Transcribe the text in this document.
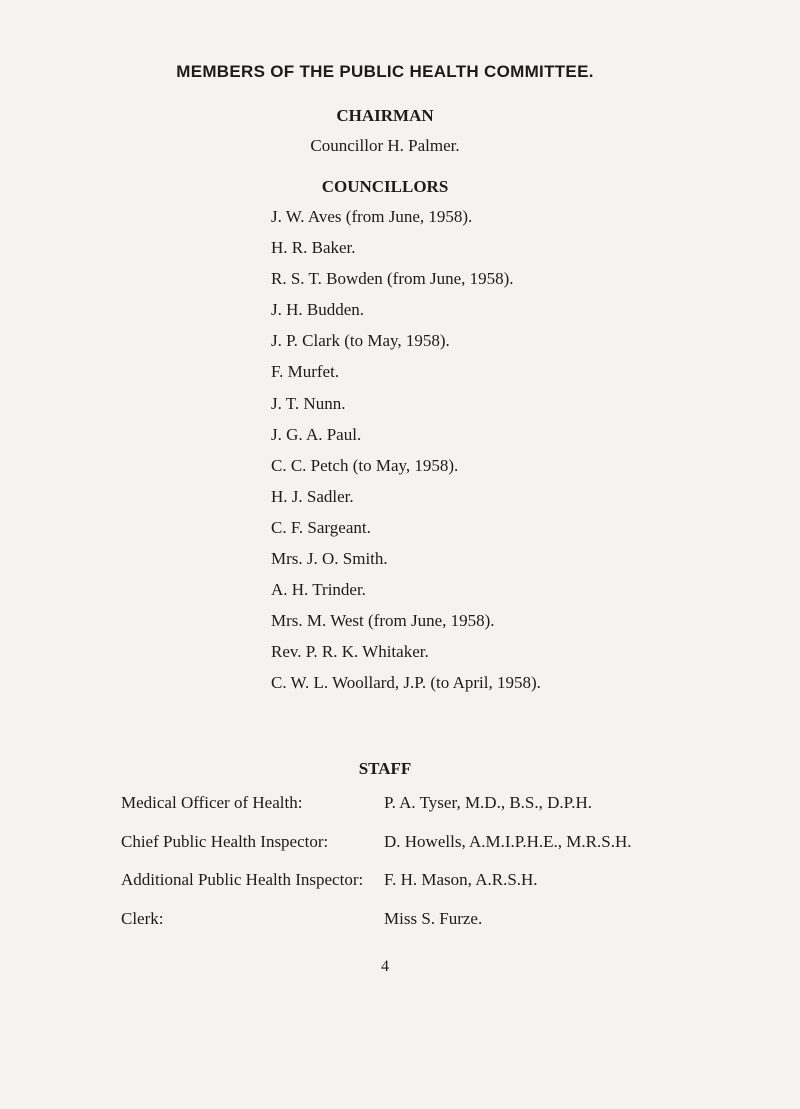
MEMBERS OF THE PUBLIC HEALTH COMMITTEE.
CHAIRMAN
Councillor H. Palmer.
COUNCILLORS
J. W. Aves (from June, 1958).
H. R. Baker.
R. S. T. Bowden (from June, 1958).
J. H. Budden.
J. P. Clark (to May, 1958).
F. Murfet.
J. T. Nunn.
J. G. A. Paul.
C. C. Petch (to May, 1958).
H. J. Sadler.
C. F. Sargeant.
Mrs. J. O. Smith.
A. H. Trinder.
Mrs. M. West (from June, 1958).
Rev. P. R. K. Whitaker.
C. W. L. Woollard, J.P. (to April, 1958).
STAFF
Medical Officer of Health:	P. A. Tyser, M.D., B.S., D.P.H.
Chief Public Health Inspector:	D. Howells, A.M.I.P.H.E., M.R.S.H.
Additional Public Health Inspector:	F. H. Mason, A.R.S.H.
Clerk:	Miss S. Furze.
4
